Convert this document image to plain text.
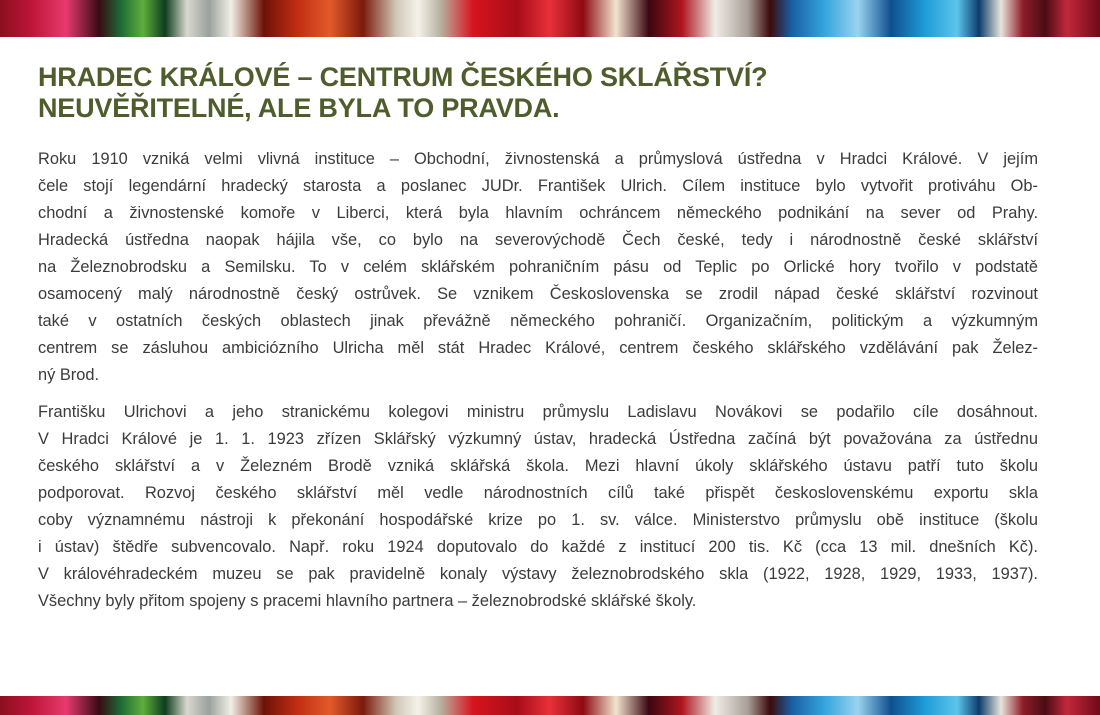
HRADEC KRÁLOVÉ – CENTRUM ČESKÉHO SKLÁŘSTVÍ?
NEUVĚŘITELNÉ, ALE BYLA TO PRAVDA.

Roku 1910 vzniká velmi vlivná instituce – Obchodní, živnostenská a průmyslová ústředna v Hradci Králové. V jejím
čele stojí legendární hradecký starosta a poslanec JUDr. František Ulrich. Cílem instituce bylo vytvořit protiváhu Ob-
chodní a živnostenské komoře v Liberci, která byla hlavním ochráncem německého podnikání na sever od Prahy.
Hradecká ústředna naopak hájila vše, co bylo na severovýchodě Čech české, tedy i národnostně české sklářství
na Železnobrodsku a Semilsku. To v celém sklářském pohraničním pásu od Teplic po Orlické hory tvořilo v podstatě
osamocený malý národnostně český ostrůvek. Se vznikem Československa se zrodil nápad české sklářství rozvinout
také v ostatních českých oblastech jinak převážně německého pohraničí. Organizačním, politickým a výzkumným
centrem se zásluhou ambiciózního Ulricha měl stát Hradec Králové, centrem českého sklářského vzdělávání pak Želez-
ný Brod.

Františku Ulrichovi a jeho stranickému kolegovi ministru průmyslu Ladislavu Novákovi se podařilo cíle dosáhnout.
V Hradci Králové je 1. 1. 1923 zřízen Sklářský výzkumný ústav, hradecká Ústředna začíná být považována za ústřednu
českého sklářství a v Železném Brodě vzniká sklářská škola. Mezi hlavní úkoly sklářského ústavu patří tuto školu
podporovat. Rozvoj českého sklářství měl vedle národnostních cílů také přispět československému exportu skla
coby významnému nástroji k překonání hospodářské krize po 1. sv. válce. Ministerstvo průmyslu obě instituce (školu
i ústav) štědře subvencovalo. Např. roku 1924 doputovalo do každé z institucí 200 tis. Kč (cca 13 mil. dnešních Kč).
V královéhradeckém muzeu se pak pravidelně konaly výstavy železnobrodského skla (1922, 1928, 1929, 1933, 1937).
Všechny byly přitom spojeny s pracemi hlavního partnera – železnobrodské sklářské školy.
